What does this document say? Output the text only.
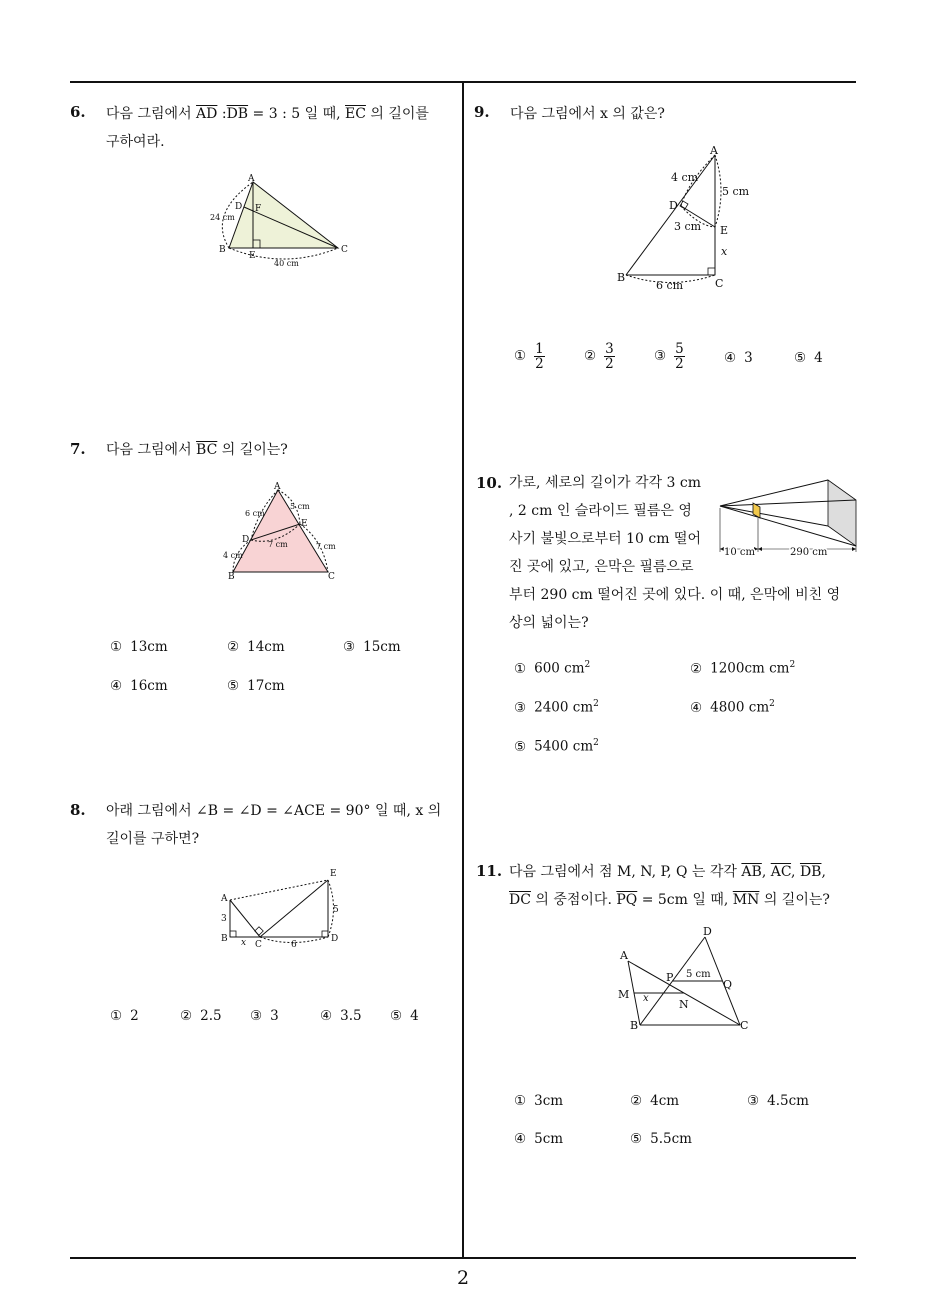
6. 다음 그림에서 $\overline{AD}$ $:\overline{DB} = 3$ : 5 일 때, $\overline{EC}$ 의 길이를
구하여라.
A
D F
B
E
C
24 cm
40 cm
7. 다음 그림에서 $\overline{BC}$ 의 길이는?
A
D
E
B	C
6 cm
5 cm
4 cm
7 cm	7 cm
① 13cm	② 14cm	③ 15cm
④ 16cm	⑤ 17cm
8. 아래 그림에서 ∠B = ∠D = ∠ACE = 90° 일 때, x 의
길이를 구하면?
A
B
C
D
E
3
x	6
5
① 2	② 2.5 ③ 3	④ 3.5 ⑤ 4
9. 다음 그림에서 x 의 값은?
A
D
E
B	C
4 cm
5 cm
3 cm
6 cm
x
① $\frac{1}{2}$	② $\frac{3}{2}$	③ $\frac{5}{2}$	④ 3	⑤ 4
10. 가로, 세로의 길이가 각각 3 cm
, 2 cm 인 슬라이드 필름은 영
사기 불빛으로부터 10 cm 떨어
진 곳에 있고, 은막은 필름으로
부터 290 cm 떨어진 곳에 있다. 이 때, 은막에 비친 영
상의 넓이는?
10 cm	290 cm
① 600 $cm^2$	② 1200cm $cm^2$
③ 2400 $cm^2$	④ 4800 $cm^2$
⑤ 5400 $cm^2$
11. 다음 그림에서 점 M, N, P, Q 는 각각 $\overline{AB}$, $\overline{AC}$, $\overline{DB}$,
$\overline{DC}$ 의 중점이다. $\overline{PQ} = 5cm$ 일 때, $\overline{MN}$ 의 길이는?
A
D
P
Q
M
N
B	C
5 cm
x
① 3cm	② 4cm	③ 4.5cm
④ 5cm	⑤ 5.5cm
2
